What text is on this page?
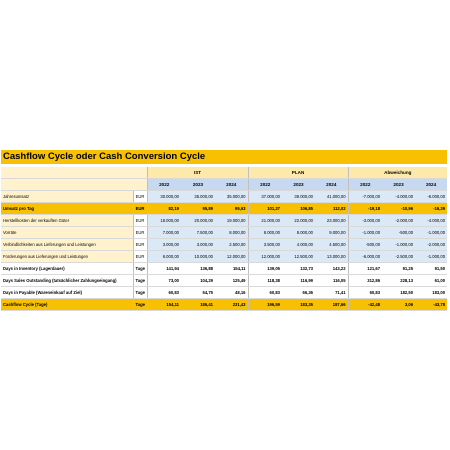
Cashflow Cycle oder Cash Conversion Cycle
		IST			PLAN			Abweichung		
		2022	2023	2024	2022	2023	2024	2022	2023	2024
Jahresumsatz	EUR	30.000,00	35.000,00	35.000,00	37.000,00	39.000,00	41.000,00	-7.000,00	-4.000,00	-6.000,00
Umsatz pro Tag	EUR	82,19	95,89	95,63	101,37	106,85	112,02	-19,18	-10,96	-16,39
Herstellkosten der verkauften Güter	EUR	18.000,00	20.000,00	19.000,00	21.000,00	22.000,00	23.000,00	-3.000,00	-2.000,00	-4.000,00
Vorräte	EUR	7.000,00	7.500,00	8.000,00	8.000,00	8.000,00	9.000,00	-1.000,00	-500,00	-1.000,00
Verbindlichkeiten aus Lieferungen und Leistungen	EUR	3.000,00	3.000,00	2.500,00	3.500,00	4.000,00	4.500,00	-500,00	-1.000,00	-2.000,00
Forderungen aus Lieferungen und Leistungen	EUR	6.000,00	10.000,00	12.000,00	12.000,00	12.500,00	13.000,00	-6.000,00	-2.500,00	-1.000,00
Days in Inventory (Lagerdauer)	Tage	141,94	136,88	154,11	139,05	132,73	143,22	121,67	91,25	91,50
Days Sales Outstanding (tatsächlicher Zahlungseingang)	Tage	73,00	104,29	125,49	118,38	116,99	116,05	312,86	228,13	61,00
Days in Payable (Wareneinkauf auf Ziel)	Tage	60,83	54,75	48,16	60,83	66,36	71,41	60,83	182,50	183,00
Cashflow Cycle (Tage)	Tage	154,11	186,41	231,43	196,59	183,35	187,66	-42,48	3,06	-43,78
